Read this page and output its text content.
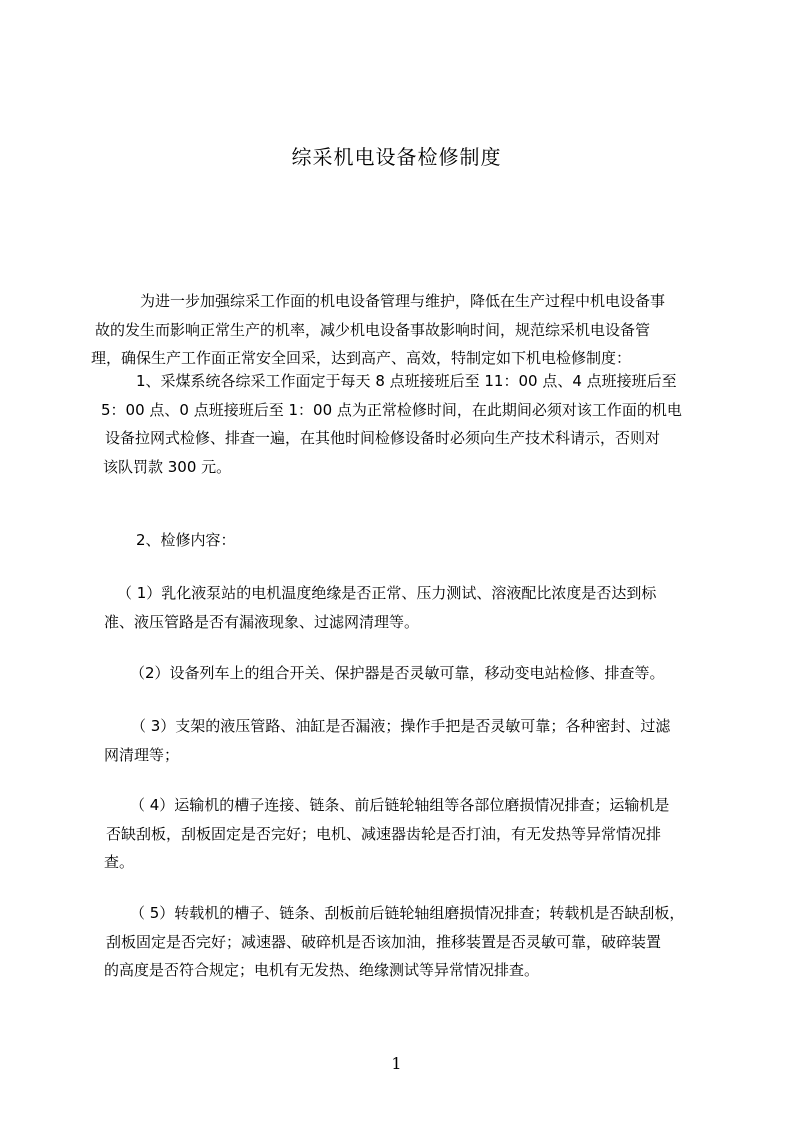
综采机电设备检修制度

为进一步加强综采工作面的机电设备管理与维护，降低在生产过程中机电设备事
故的发生而影响正常生产的机率，减少机电设备事故影响时间，规范综采机电设备管
理，确保生产工作面正常安全回采，达到高产、高效，特制定如下机电检修制度：

1、采煤系统各综采工作面定于每天 8 点班接班后至 11：00 点、4 点班接班后至
5：00 点、0 点班接班后至 1：00 点为正常检修时间，在此期间必须对该工作面的机电
设备拉网式检修、排查一遍，在其他时间检修设备时必须向生产技术科请示，否则对
该队罚款 300 元。

2、检修内容：

（ 1）乳化液泵站的电机温度绝缘是否正常、压力测试、溶液配比浓度是否达到标
准、液压管路是否有漏液现象、过滤网清理等。

（2）设备列车上的组合开关、保护器是否灵敏可靠，移动变电站检修、排查等。

（ 3）支架的液压管路、油缸是否漏液；操作手把是否灵敏可靠；各种密封、过滤
网清理等；

（ 4）运输机的槽子连接、链条、前后链轮轴组等各部位磨损情况排查；运输机是
否缺刮板，刮板固定是否完好；电机、减速器齿轮是否打油，有无发热等异常情况排
查。

（ 5）转载机的槽子、链条、刮板前后链轮轴组磨损情况排查；转载机是否缺刮板，
刮板固定是否完好；减速器、破碎机是否该加油，推移装置是否灵敏可靠，破碎装置
的高度是否符合规定；电机有无发热、绝缘测试等异常情况排查。

1
